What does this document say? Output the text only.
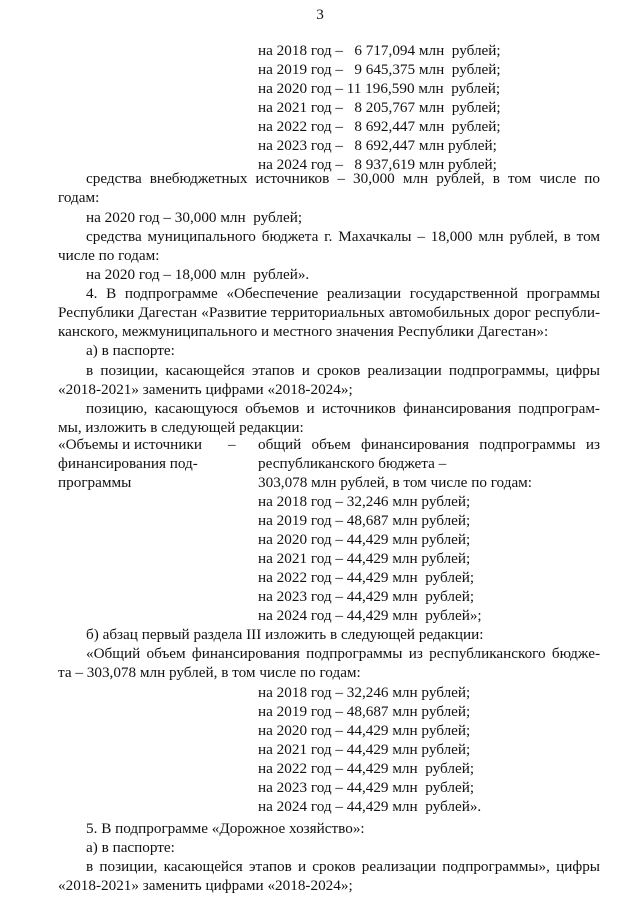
3
на 2018 год –   6 717,094 млн  рублей;
на 2019 год –   9 645,375 млн  рублей;
на 2020 год – 11 196,590 млн  рублей;
на 2021 год –   8 205,767 млн  рублей;
на 2022 год –   8 692,447 млн  рублей;
на 2023 год –   8 692,447 млн рублей;
на 2024 год –   8 937,619 млн рублей;
средства внебюджетных источников – 30,000 млн рублей, в том числе по
годам:
на 2020 год – 30,000 млн  рублей;
средства муниципального бюджета г. Махачкалы – 18,000 млн рублей, в том
числе по годам:
на 2020 год – 18,000 млн  рублей».
4. В подпрограмме «Обеспечение реализации государственной программы
Республики Дагестан «Развитие территориальных автомобильных дорог республи-
канского, межмуниципального и местного значения Республики Дагестан»:
а) в паспорте:
в позиции, касающейся этапов и сроков реализации подпрограммы, цифры
«2018-2021» заменить цифрами «2018-2024»;
позицию, касающуюся объемов и источников финансирования подпрограм-
мы, изложить в следующей редакции:
«Объемы и источники
финансирования под-
программы
– общий объем финансирования подпрограммы из
республиканского бюджета –
303,078 млн рублей, в том числе по годам:
на 2018 год – 32,246 млн рублей;
на 2019 год – 48,687 млн рублей;
на 2020 год – 44,429 млн рублей;
на 2021 год – 44,429 млн рублей;
на 2022 год – 44,429 млн  рублей;
на 2023 год – 44,429 млн  рублей;
на 2024 год – 44,429 млн  рублей»;
б) абзац первый раздела III изложить в следующей редакции:
«Общий объем финансирования подпрограммы из республиканского бюдже-
та – 303,078 млн рублей, в том числе по годам:
на 2018 год – 32,246 млн рублей;
на 2019 год – 48,687 млн рублей;
на 2020 год – 44,429 млн рублей;
на 2021 год – 44,429 млн рублей;
на 2022 год – 44,429 млн  рублей;
на 2023 год – 44,429 млн  рублей;
на 2024 год – 44,429 млн  рублей».
5. В подпрограмме «Дорожное хозяйство»:
а) в паспорте:
в позиции, касающейся этапов и сроков реализации подпрограммы», цифры
«2018-2021» заменить цифрами «2018-2024»;
